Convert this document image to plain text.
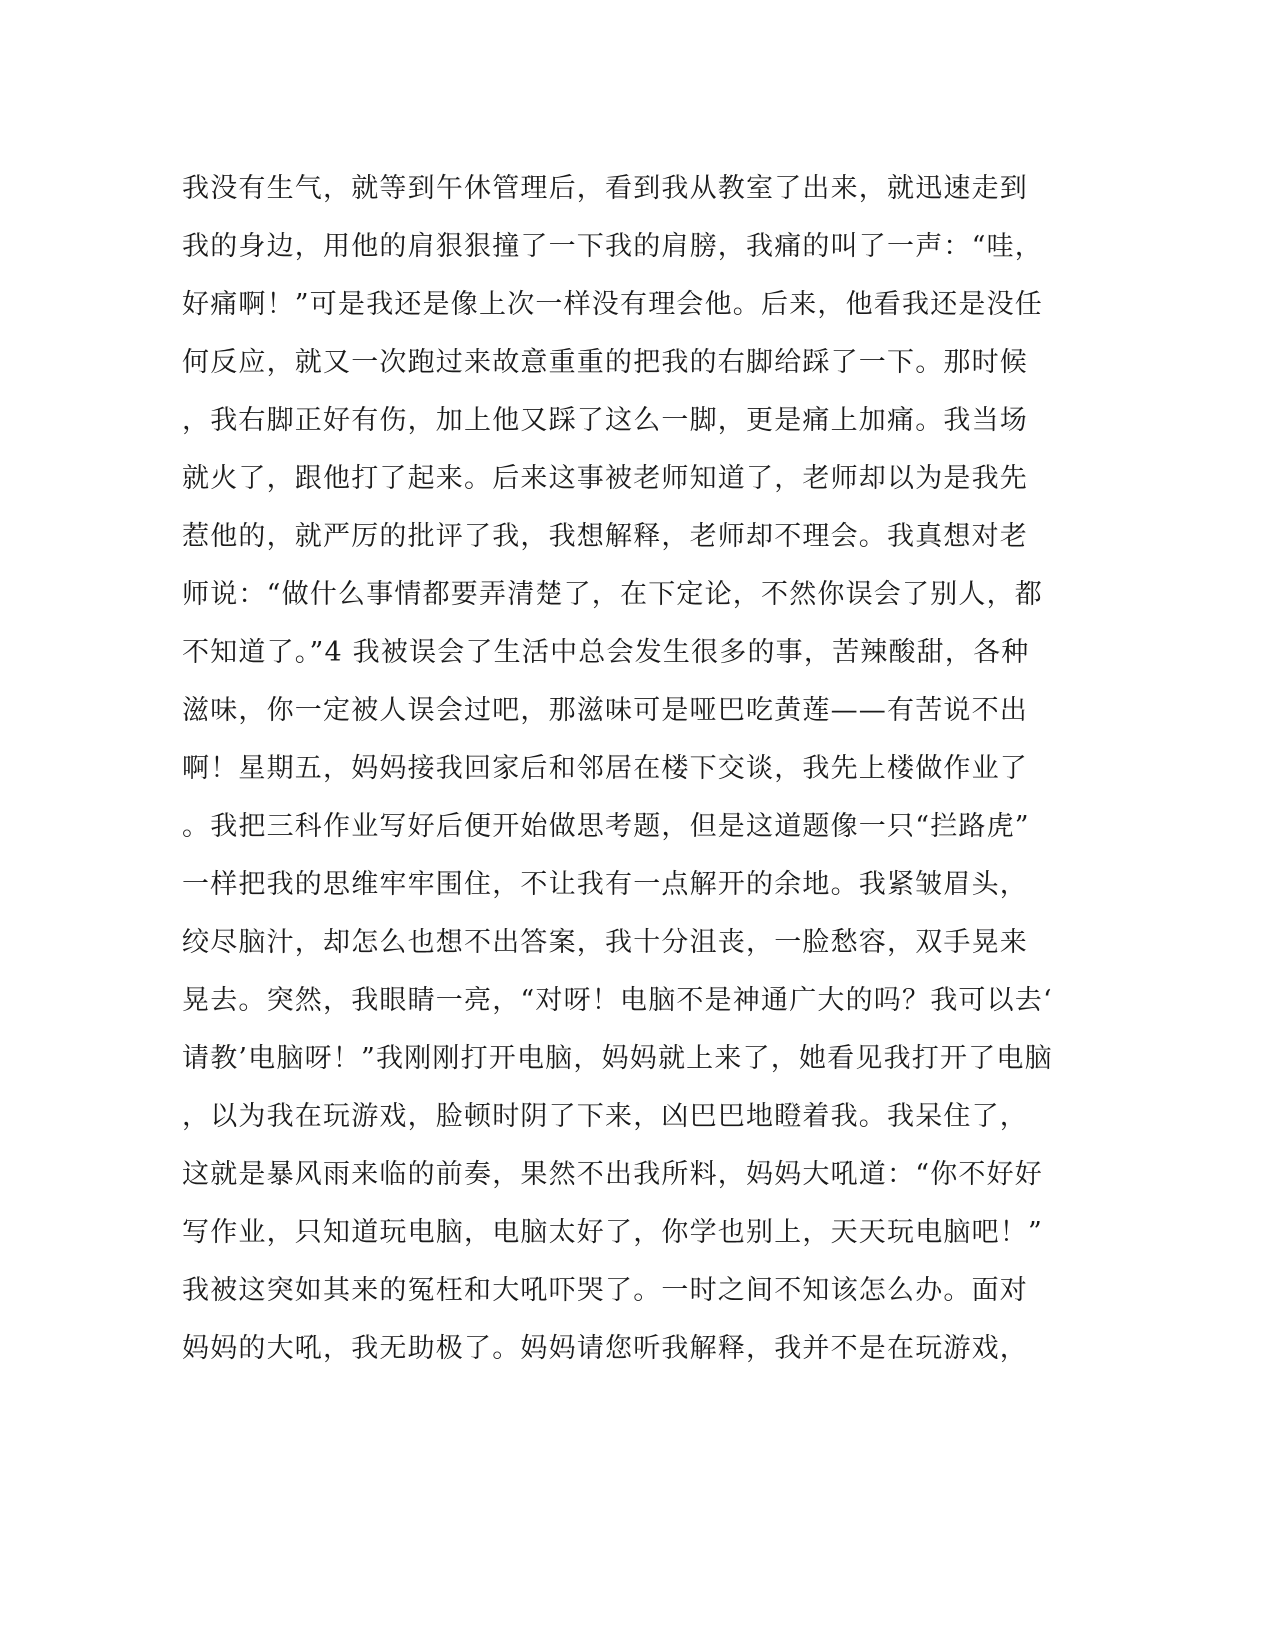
我没有生气，就等到午休管理后，看到我从教室了出来，就迅速走到
我的身边，用他的肩狠狠撞了一下我的肩膀，我痛的叫了一声：“哇，
好痛啊！”可是我还是像上次一样没有理会他。后来，他看我还是没任
何反应，就又一次跑过来故意重重的把我的右脚给踩了一下。那时候
，我右脚正好有伤，加上他又踩了这么一脚，更是痛上加痛。我当场
就火了，跟他打了起来。后来这事被老师知道了，老师却以为是我先
惹他的，就严厉的批评了我，我想解释，老师却不理会。我真想对老
师说：“做什么事情都要弄清楚了，在下定论，不然你误会了别人，都
不知道了。”4 我被误会了生活中总会发生很多的事，苦辣酸甜，各种
滋味，你一定被人误会过吧，那滋味可是哑巴吃黄莲——有苦说不出
啊！星期五，妈妈接我回家后和邻居在楼下交谈，我先上楼做作业了
。我把三科作业写好后便开始做思考题，但是这道题像一只“拦路虎”
一样把我的思维牢牢围住，不让我有一点解开的余地。我紧皱眉头，
绞尽脑汁，却怎么也想不出答案，我十分沮丧，一脸愁容，双手晃来
晃去。突然，我眼睛一亮，“对呀！电脑不是神通广大的吗？我可以去‘
请教’电脑呀！”我刚刚打开电脑，妈妈就上来了，她看见我打开了电脑
，以为我在玩游戏，脸顿时阴了下来，凶巴巴地瞪着我。我呆住了，
这就是暴风雨来临的前奏，果然不出我所料，妈妈大吼道：“你不好好
写作业，只知道玩电脑，电脑太好了，你学也别上，天天玩电脑吧！”
我被这突如其来的冤枉和大吼吓哭了。一时之间不知该怎么办。面对
妈妈的大吼，我无助极了。妈妈请您听我解释，我并不是在玩游戏，
